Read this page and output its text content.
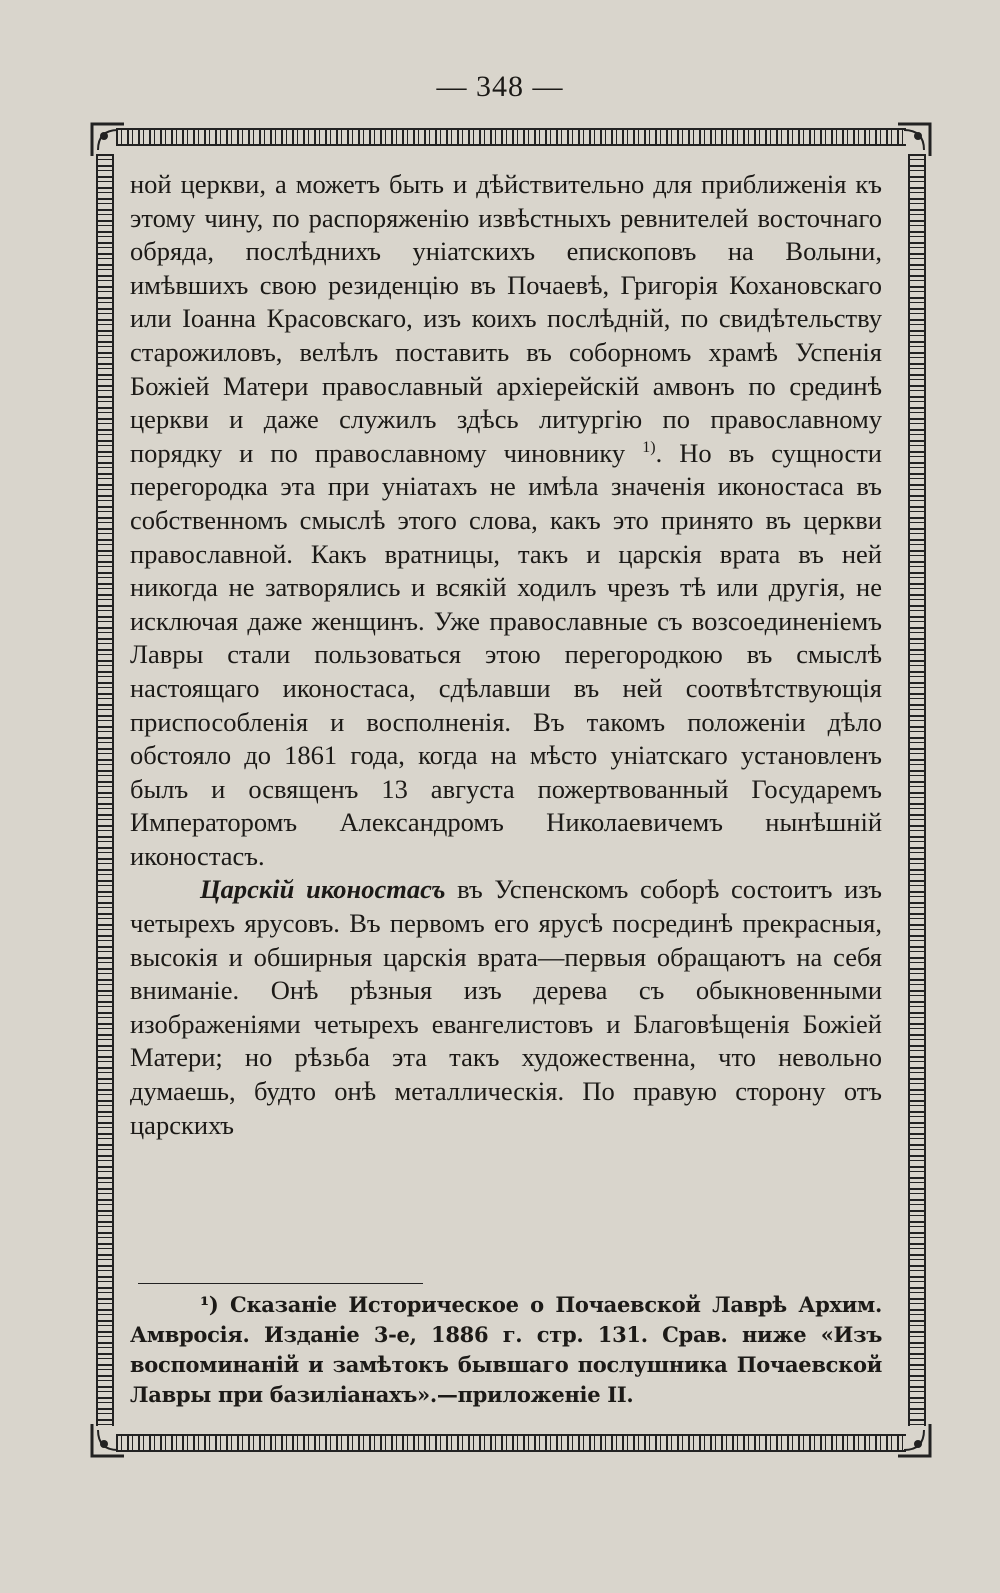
— 348 —

ной церкви, а можетъ быть и дѣйствительно для приближенія къ этому чину, по распоряженію извѣстныхъ ревнителей восточнаго обряда, послѣднихъ уніатскихъ епископовъ на Волыни, имѣвшихъ свою резиденцію въ Почаевѣ, Григорія Кохановскаго или Іоанна Красовскаго, изъ коихъ послѣдній, по свидѣтельству старожиловъ, велѣлъ поставить въ соборномъ храмѣ Успенія Божіей Матери православный архіерейскій амвонъ по срединѣ церкви и даже служилъ здѣсь литургію по православному порядку и по православному чиновнику $^{1)}$. Но въ сущности перегородка эта при уніатахъ не имѣла значенія иконостаса въ собственномъ смыслѣ этого слова, какъ это принято въ церкви православной. Какъ вратницы, такъ и царскія врата въ ней никогда не затворялись и всякій ходилъ чрезъ тѣ или другія, не исключая даже женщинъ. Уже православные съ возсоединеніемъ Лавры стали пользоваться этою перегородкою въ смыслѣ настоящаго иконостаса, сдѣлавши въ ней соотвѣтствующія приспособленія и восполненія. Въ такомъ положеніи дѣло обстояло до 1861 года, когда на мѣсто уніатскаго установленъ былъ и освященъ 13 августа пожертвованный Государемъ Императоромъ Александромъ Николаевичемъ нынѣшній иконостасъ.

Царскій иконостасъ въ Успенскомъ соборѣ состоитъ изъ четырехъ ярусовъ. Въ первомъ его ярусѣ посрединѣ прекрасныя, высокія и обширныя царскія врата—первыя обращаютъ на себя вниманіе. Онѣ рѣзныя изъ дерева съ обыкновенными изображеніями четырехъ евангелистовъ и Благовѣщенія Божіей Матери; но рѣзьба эта такъ художественна, что невольно думаешь, будто онѣ металлическія. По правую сторону отъ царскихъ

¹) Сказаніе Историческое о Почаевской Лаврѣ Архим. Амвросія. Изданіе 3-е, 1886 г. стр. 131. Срав. ниже «Изъ воспоминаній и замѣтокъ бывшаго послушника Почаевской Лавры при базиліанахъ».—приложеніе II.
